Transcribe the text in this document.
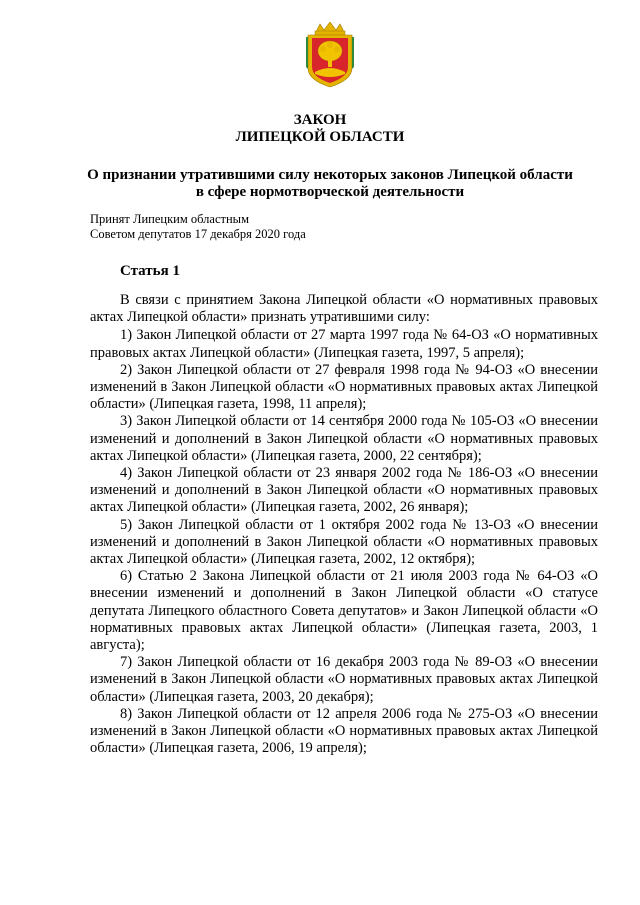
ЗАКОН
ЛИПЕЦКОЙ ОБЛАСТИ
О признании утратившими силу некоторых законов Липецкой области
в сфере нормотворческой деятельности
Принят Липецким областным
Советом депутатов 17 декабря 2020 года
Статья 1

В связи с принятием Закона Липецкой области «О нормативных правовых актах Липецкой области» признать утратившими силу:

1) Закон Липецкой области от 27 марта 1997 года № 64-ОЗ «О нормативных правовых актах Липецкой области» (Липецкая газета, 1997, 5 апреля);

2) Закон Липецкой области от 27 февраля 1998 года № 94-ОЗ «О внесении изменений в Закон Липецкой области «О нормативных правовых актах Липецкой области» (Липецкая газета, 1998, 11 апреля);

3) Закон Липецкой области от 14 сентября 2000 года № 105-ОЗ «О внесении изменений и дополнений в Закон Липецкой области «О нормативных правовых актах Липецкой области» (Липецкая газета, 2000, 22 сентября);

4) Закон Липецкой области от 23 января 2002 года № 186-ОЗ «О внесении изменений и дополнений в Закон Липецкой области «О нормативных правовых актах Липецкой области» (Липецкая газета, 2002, 26 января);

5) Закон Липецкой области от 1 октября 2002 года № 13-ОЗ «О внесении изменений и дополнений в Закон Липецкой области «О нормативных правовых актах Липецкой области» (Липецкая газета, 2002, 12 октября);

6) Статью 2 Закона Липецкой области от 21 июля 2003 года № 64-ОЗ «О внесении изменений и дополнений в Закон Липецкой области «О статусе депутата Липецкого областного Совета депутатов» и Закон Липецкой области «О нормативных правовых актах Липецкой области» (Липецкая газета, 2003, 1 августа);

7) Закон Липецкой области от 16 декабря 2003 года № 89-ОЗ «О внесении изменений в Закон Липецкой области «О нормативных правовых актах Липецкой области» (Липецкая газета, 2003, 20 декабря);

8) Закон Липецкой области от 12 апреля 2006 года № 275-ОЗ «О внесении изменений в Закон Липецкой области «О нормативных правовых актах Липецкой области» (Липецкая газета, 2006, 19 апреля);
